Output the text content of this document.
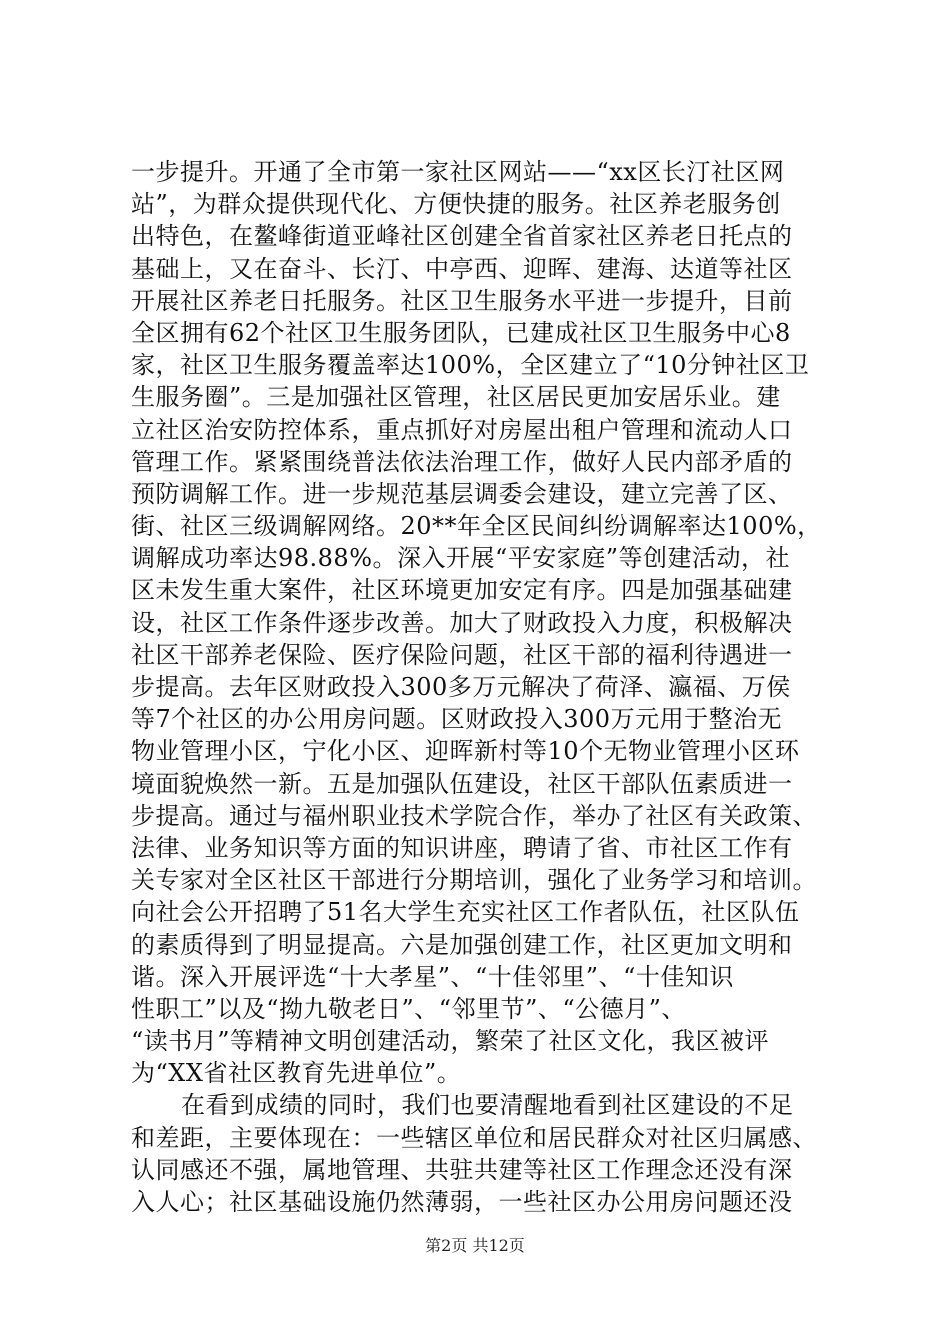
一步提升。开通了全市第一家社区网站——“xx区长汀社区网
站”，为群众提供现代化、方便快捷的服务。社区养老服务创
出特色，在鳌峰街道亚峰社区创建全省首家社区养老日托点的
基础上，又在奋斗、长汀、中亭西、迎晖、建海、达道等社区
开展社区养老日托服务。社区卫生服务水平进一步提升，目前
全区拥有62个社区卫生服务团队，已建成社区卫生服务中心8
家，社区卫生服务覆盖率达100%，全区建立了“10分钟社区卫
生服务圈”。三是加强社区管理，社区居民更加安居乐业。建
立社区治安防控体系，重点抓好对房屋出租户管理和流动人口
管理工作。紧紧围绕普法依法治理工作，做好人民内部矛盾的
预防调解工作。进一步规范基层调委会建设，建立完善了区、
街、社区三级调解网络。20**年全区民间纠纷调解率达100%，
调解成功率达98.88%。深入开展“平安家庭”等创建活动，社
区未发生重大案件，社区环境更加安定有序。四是加强基础建
设，社区工作条件逐步改善。加大了财政投入力度，积极解决
社区干部养老保险、医疗保险问题，社区干部的福利待遇进一
步提高。去年区财政投入300多万元解决了荷泽、瀛福、万侯
等7个社区的办公用房问题。区财政投入300万元用于整治无
物业管理小区，宁化小区、迎晖新村等10个无物业管理小区环
境面貌焕然一新。五是加强队伍建设，社区干部队伍素质进一
步提高。通过与福州职业技术学院合作，举办了社区有关政策、
法律、业务知识等方面的知识讲座，聘请了省、市社区工作有
关专家对全区社区干部进行分期培训，强化了业务学习和培训。
向社会公开招聘了51名大学生充实社区工作者队伍，社区队伍
的素质得到了明显提高。六是加强创建工作，社区更加文明和
谐。深入开展评选“十大孝星”、“十佳邻里”、“十佳知识
性职工”以及“拗九敬老日”、“邻里节”、“公德月”、
“读书月”等精神文明创建活动，繁荣了社区文化，我区被评
为“XX省社区教育先进单位”。
在看到成绩的同时，我们也要清醒地看到社区建设的不足
和差距，主要体现在：一些辖区单位和居民群众对社区归属感、
认同感还不强，属地管理、共驻共建等社区工作理念还没有深
入人心；社区基础设施仍然薄弱，一些社区办公用房问题还没
第2页 共12页
